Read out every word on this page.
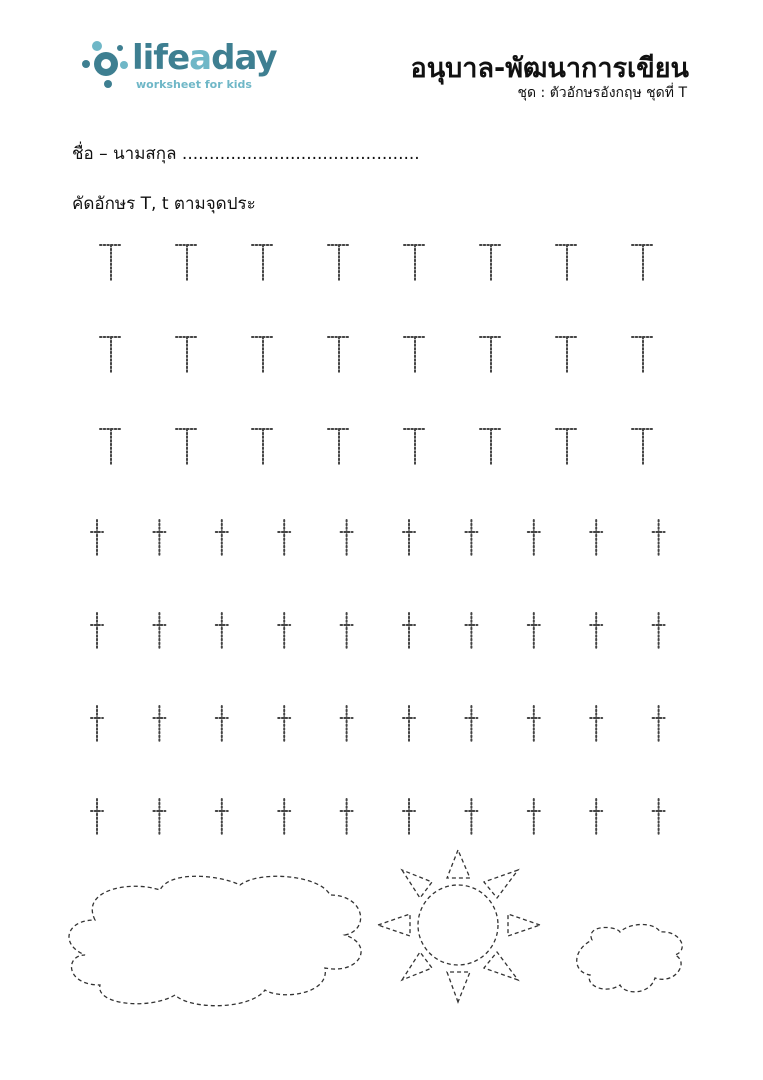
lifeaday
worksheet for kids
อนุบาล-พัฒนาการเขียน
ชุด : ตัวอักษรอังกฤษ ชุดที่ T
ชื่อ – นามสกุล ............................................
คัดอักษร T, t ตามจุดประ
